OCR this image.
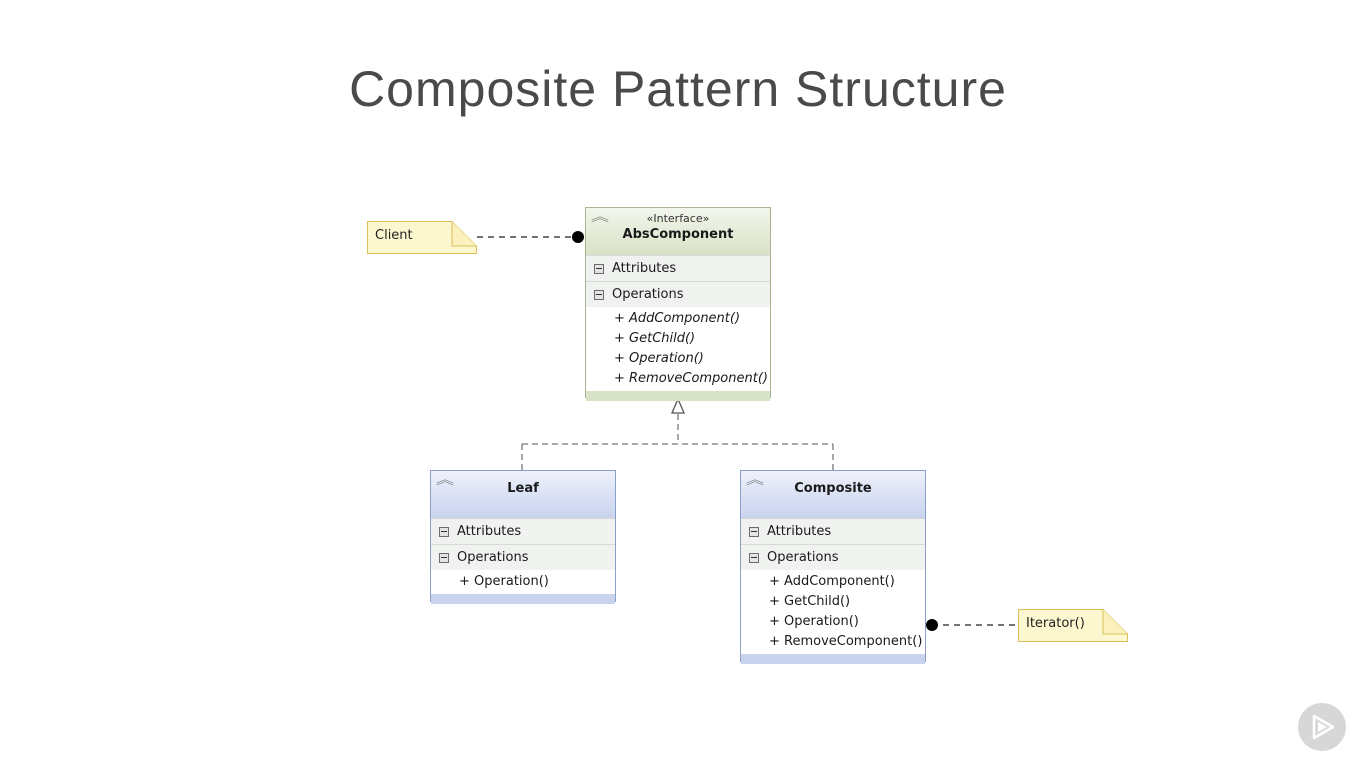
Composite Pattern Structure
Client
︽	«Interface»
AbsComponent
Attributes
Operations
+ AddComponent()
+ GetChild()
+ Operation()
+ RemoveComponent()
︽
Leaf
Attributes
Operations
+ Operation()
︽
Composite
Attributes
Operations
+ AddComponent()
+ GetChild()
+ Operation()
+ RemoveComponent()
Iterator()
